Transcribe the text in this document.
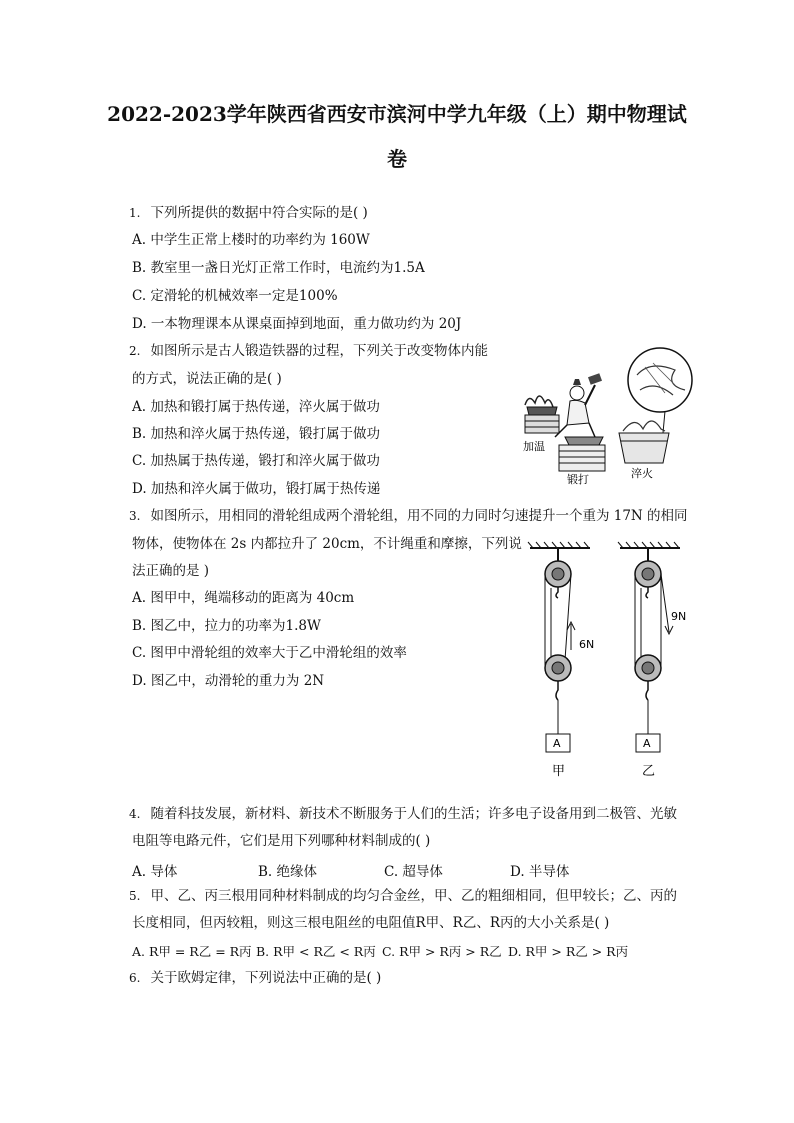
2022-2023学年陕西省西安市滨河中学九年级（上）期中物理试
卷
1. 下列所提供的数据中符合实际的是( )
A. 中学生正常上楼时的功率约为 160W
B. 教室里一盏日光灯正常工作时，电流约为1.5A
C. 定滑轮的机械效率一定是100%
D. 一本物理课本从课桌面掉到地面，重力做功约为 20J
2. 如图所示是古人锻造铁器的过程，下列关于改变物体内能
的方式，说法正确的是( )
A. 加热和锻打属于热传递，淬火属于做功
B. 加热和淬火属于热传递，锻打属于做功
C. 加热属于热传递，锻打和淬火属于做功
D. 加热和淬火属于做功，锻打属于热传递
加温
锻打	淬火
3. 如图所示，用相同的滑轮组成两个滑轮组，用不同的力同时匀速提升一个重为 17N 的相同
物体，使物体在 2s 内都拉升了 20cm，不计绳重和摩擦，下列说
法正确的是 )
A. 图甲中，绳端移动的距离为 40cm
B. 图乙中，拉力的功率为1.8W
C. 图甲中滑轮组的效率大于乙中滑轮组的效率
D. 图乙中，动滑轮的重力为 2N
6N
A
甲
9N
A
乙
4. 随着科技发展，新材料、新技术不断服务于人们的生活；许多电子设备用到二极管、光敏
电阻等电路元件，它们是用下列哪种材料制成的( )
A. 导体	B. 绝缘体	C. 超导体	D. 半导体
5. 甲、乙、丙三根用同种材料制成的均匀合金丝，甲、乙的粗细相同，但甲较长；乙、丙的
长度相同，但丙较粗，则这三根电阻丝的电阻值R甲、R乙、R丙的大小关系是( )
A. R甲 = R乙 = R丙 B. R甲 < R乙 < R丙 C. R甲 > R丙 > R乙 D. R甲 > R乙 > R丙
6. 关于欧姆定律，下列说法中正确的是( )
